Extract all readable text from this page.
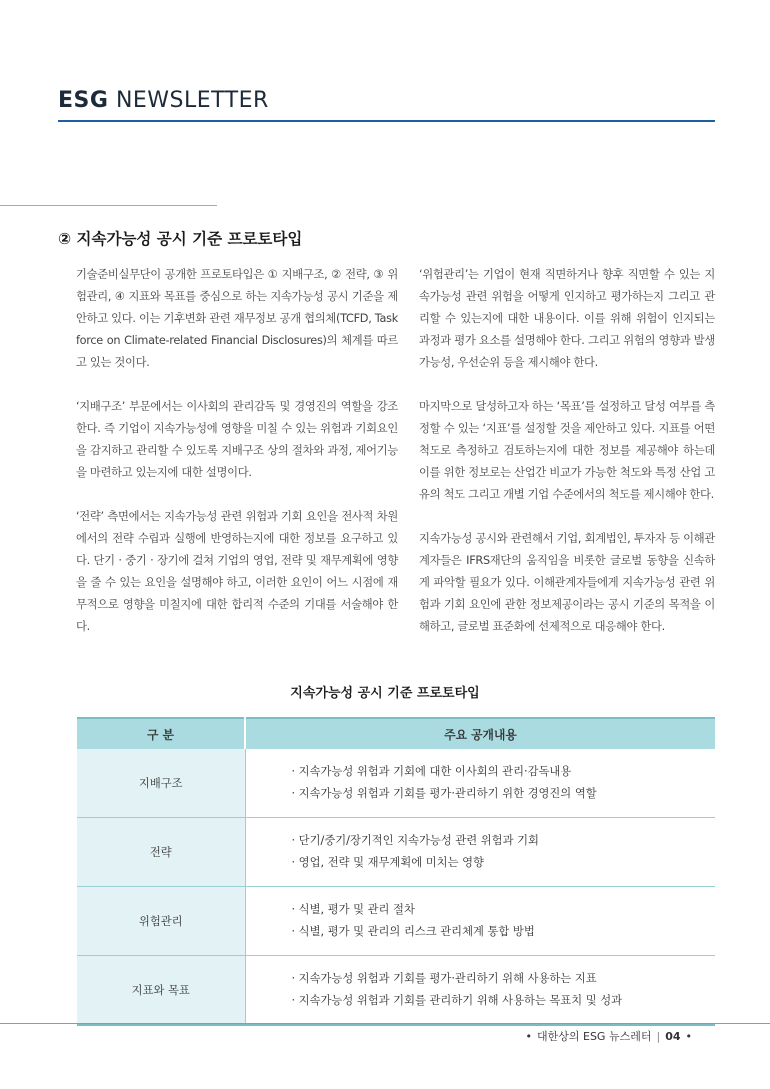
ESG NEWSLETTER
② 지속가능성 공시 기준 프로토타입

기술준비실무단이 공개한 프로토타입은 ① 지배구조, ② 전략, ③ 위험관리, ④ 지표와 목표를 중심으로 하는 지속가능성 공시 기준을 제안하고 있다. 이는 기후변화 관련 재무정보 공개 협의체(TCFD, Task force on Climate-related Financial Disclosures)의 체계를 따르고 있는 것이다.

‘지배구조’ 부문에서는 이사회의 관리감독 및 경영진의 역할을 강조한다. 즉 기업이 지속가능성에 영향을 미칠 수 있는 위험과 기회요인을 감지하고 관리할 수 있도록 지배구조 상의 절차와 과정, 제어기능을 마련하고 있는지에 대한 설명이다.

‘전략’ 측면에서는 지속가능성 관련 위험과 기회 요인을 전사적 차원에서의 전략 수립과 실행에 반영하는지에 대한 정보를 요구하고 있다. 단기 · 중기 · 장기에 걸쳐 기업의 영업, 전략 및 재무계획에 영향을 줄 수 있는 요인을 설명해야 하고, 이러한 요인이 어느 시점에 재무적으로 영향을 미칠지에 대한 합리적 수준의 기대를 서술해야 한다.

‘위험관리’는 기업이 현재 직면하거나 향후 직면할 수 있는 지속가능성 관련 위험을 어떻게 인지하고 평가하는지 그리고 관리할 수 있는지에 대한 내용이다. 이를 위해 위험이 인지되는 과정과 평가 요소를 설명해야 한다. 그리고 위험의 영향과 발생 가능성, 우선순위 등을 제시해야 한다.

마지막으로 달성하고자 하는 ‘목표’를 설정하고 달성 여부를 측정할 수 있는 ‘지표’를 설정할 것을 제안하고 있다. 지표를 어떤 척도로 측정하고 검토하는지에 대한 정보를 제공해야 하는데 이를 위한 정보로는 산업간 비교가 가능한 척도와 특정 산업 고유의 척도 그리고 개별 기업 수준에서의 척도를 제시해야 한다.

지속가능성 공시와 관련해서 기업, 회계법인, 투자자 등 이해관계자들은 IFRS재단의 움직임을 비롯한 글로벌 동향을 신속하게 파악할 필요가 있다. 이해관계자들에게 지속가능성 관련 위험과 기회 요인에 관한 정보제공이라는 공시 기준의 목적을 이해하고, 글로벌 표준화에 선제적으로 대응해야 한다.

지속가능성 공시 기준 프로토타입
구 분	주요 공개내용
지배구조	· 지속가능성 위험과 기회에 대한 이사회의 관리·감독내용
· 지속가능성 위험과 기회를 평가·관리하기 위한 경영진의 역할

전략	· 단기/중기/장기적인 지속가능성 관련 위험과 기회
· 영업, 전략 및 재무계획에 미치는 영향

위험관리	· 식별, 평가 및 관리 절차
· 식별, 평가 및 관리의 리스크 관리체계 통합 방법

지표와 목표	· 지속가능성 위험과 기회를 평가·관리하기 위해 사용하는 지표
· 지속가능성 위험과 기회를 관리하기 위해 사용하는 목표치 및 성과
• 대한상의 ESG 뉴스레터 | 04 •
